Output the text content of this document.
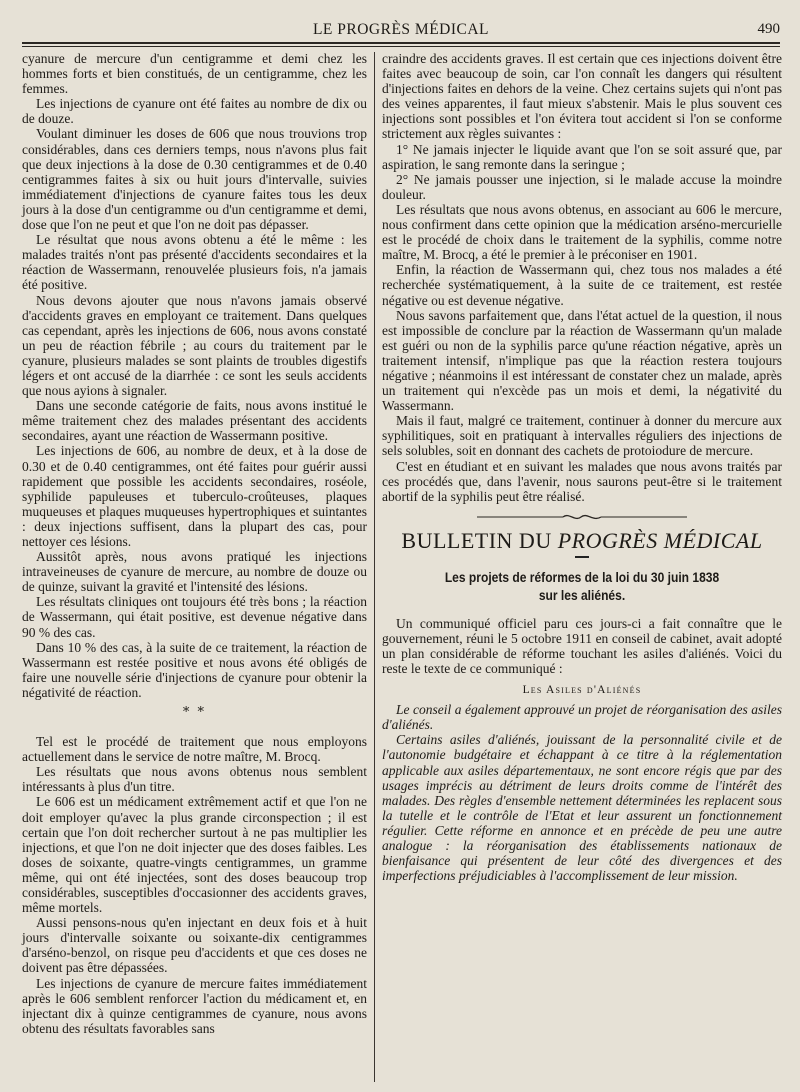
LE PROGRÈS MÉDICAL	490

cyanure de mercure d'un centigramme et demi chez les hommes forts et bien constitués, de un centigramme, chez les femmes.

Les injections de cyanure ont été faites au nombre de dix ou de douze.

Voulant diminuer les doses de 606 que nous trouvions trop considérables, dans ces derniers temps, nous n'avons plus fait que deux injections à la dose de 0.30 centigrammes et de 0.40 centigrammes faites à six ou huit jours d'intervalle, suivies immédiatement d'injections de cyanure faites tous les deux jours à la dose d'un centigramme ou d'un centigramme et demi, dose que l'on ne peut et que l'on ne doit pas dépasser.

Le résultat que nous avons obtenu a été le même : les malades traités n'ont pas présenté d'accidents secondaires et la réaction de Wassermann, renouvelée plusieurs fois, n'a jamais été positive.

Nous devons ajouter que nous n'avons jamais observé d'accidents graves en employant ce traitement. Dans quelques cas cependant, après les injections de 606, nous avons constaté un peu de réaction fébrile ; au cours du traitement par le cyanure, plusieurs malades se sont plaints de troubles digestifs légers et ont accusé de la diarrhée : ce sont les seuls accidents que nous ayions à signaler.

Dans une seconde catégorie de faits, nous avons institué le même traitement chez des malades présentant des accidents secondaires, ayant une réaction de Wassermann positive.

Les injections de 606, au nombre de deux, et à la dose de 0.30 et de 0.40 centigrammes, ont été faites pour guérir aussi rapidement que possible les accidents secondaires, roséole, syphilide papuleuses et tuberculo-croûteuses, plaques muqueuses et plaques muqueuses hypertrophiques et suintantes : deux injections suffisent, dans la plupart des cas, pour nettoyer ces lésions.

Aussitôt après, nous avons pratiqué les injections intraveineuses de cyanure de mercure, au nombre de douze ou de quinze, suivant la gravité et l'intensité des lésions.

Les résultats cliniques ont toujours été très bons ; la réaction de Wassermann, qui était positive, est devenue négative dans 90 % des cas.

Dans 10 % des cas, à la suite de ce traitement, la réaction de Wassermann est restée positive et nous avons été obligés de faire une nouvelle série d'injections de cyanure pour obtenir la négativité de réaction.

* *

Tel est le procédé de traitement que nous employons actuellement dans le service de notre maître, M. Brocq.

Les résultats que nous avons obtenus nous semblent intéressants à plus d'un titre.

Le 606 est un médicament extrêmement actif et que l'on ne doit employer qu'avec la plus grande circonspection ; il est certain que l'on doit rechercher surtout à ne pas multiplier les injections, et que l'on ne doit injecter que des doses faibles. Les doses de soixante, quatre-vingts centigrammes, un gramme même, qui ont été injectées, sont des doses beaucoup trop considérables, susceptibles d'occasionner des accidents graves, même mortels.

Aussi pensons-nous qu'en injectant en deux fois et à huit jours d'intervalle soixante ou soixante-dix centigrammes d'arséno-benzol, on risque peu d'accidents et que ces doses ne doivent pas être dépassées.

Les injections de cyanure de mercure faites immédiatement après le 606 semblent renforcer l'action du médicament et, en injectant dix à quinze centigrammes de cyanure, nous avons obtenu des résultats favorables sans

craindre des accidents graves. Il est certain que ces injections doivent être faites avec beaucoup de soin, car l'on connaît les dangers qui résultent d'injections faites en dehors de la veine. Chez certains sujets qui n'ont pas des veines apparentes, il faut mieux s'abstenir. Mais le plus souvent ces injections sont possibles et l'on évitera tout accident si l'on se conforme strictement aux règles suivantes :

1° Ne jamais injecter le liquide avant que l'on se soit assuré que, par aspiration, le sang remonte dans la seringue ;

2° Ne jamais pousser une injection, si le malade accuse la moindre douleur.

Les résultats que nous avons obtenus, en associant au 606 le mercure, nous confirment dans cette opinion que la médication arséno-mercurielle est le procédé de choix dans le traitement de la syphilis, comme notre maître, M. Brocq, a été le premier à le préconiser en 1901.

Enfin, la réaction de Wassermann qui, chez tous nos malades a été recherchée systématiquement, à la suite de ce traitement, est restée négative ou est devenue négative.

Nous savons parfaitement que, dans l'état actuel de la question, il nous est impossible de conclure par la réaction de Wassermann qu'un malade est guéri ou non de la syphilis parce qu'une réaction négative, après un traitement intensif, n'implique pas que la réaction restera toujours négative ; néanmoins il est intéressant de constater chez un malade, après un traitement qui n'excède pas un mois et demi, la négativité du Wassermann.

Mais il faut, malgré ce traitement, continuer à donner du mercure aux syphilitiques, soit en pratiquant à intervalles réguliers des injections de sels solubles, soit en donnant des cachets de protoiodure de mercure.

C'est en étudiant et en suivant les malades que nous avons traités par ces procédés que, dans l'avenir, nous saurons peut-être si le traitement abortif de la syphilis peut être réalisé.

BULLETIN DU PROGRÈS MÉDICAL
Les projets de réformes de la loi du 30 juin 1838
sur les aliénés.

Un communiqué officiel paru ces jours-ci a fait connaître que le gouvernement, réuni le 5 octobre 1911 en conseil de cabinet, avait adopté un plan considérable de réforme touchant les asiles d'aliénés. Voici du reste le texte de ce communiqué :

Les Asiles d'Aliénés

Le conseil a également approuvé un projet de réorganisation des asiles d'aliénés.

Certains asiles d'aliénés, jouissant de la personnalité civile et de l'autonomie budgétaire et échappant à ce titre à la réglementation applicable aux asiles départementaux, ne sont encore régis que par des usages imprécis au détriment de leurs droits comme de l'intérêt des malades. Des règles d'ensemble nettement déterminées les replacent sous la tutelle et le contrôle de l'Etat et leur assurent un fonctionnement régulier. Cette réforme en annonce et en précède de peu une autre analogue : la réorganisation des établissements nationaux de bienfaisance qui présentent de leur côté des divergences et des imperfections préjudiciables à l'accomplissement de leur mission.
